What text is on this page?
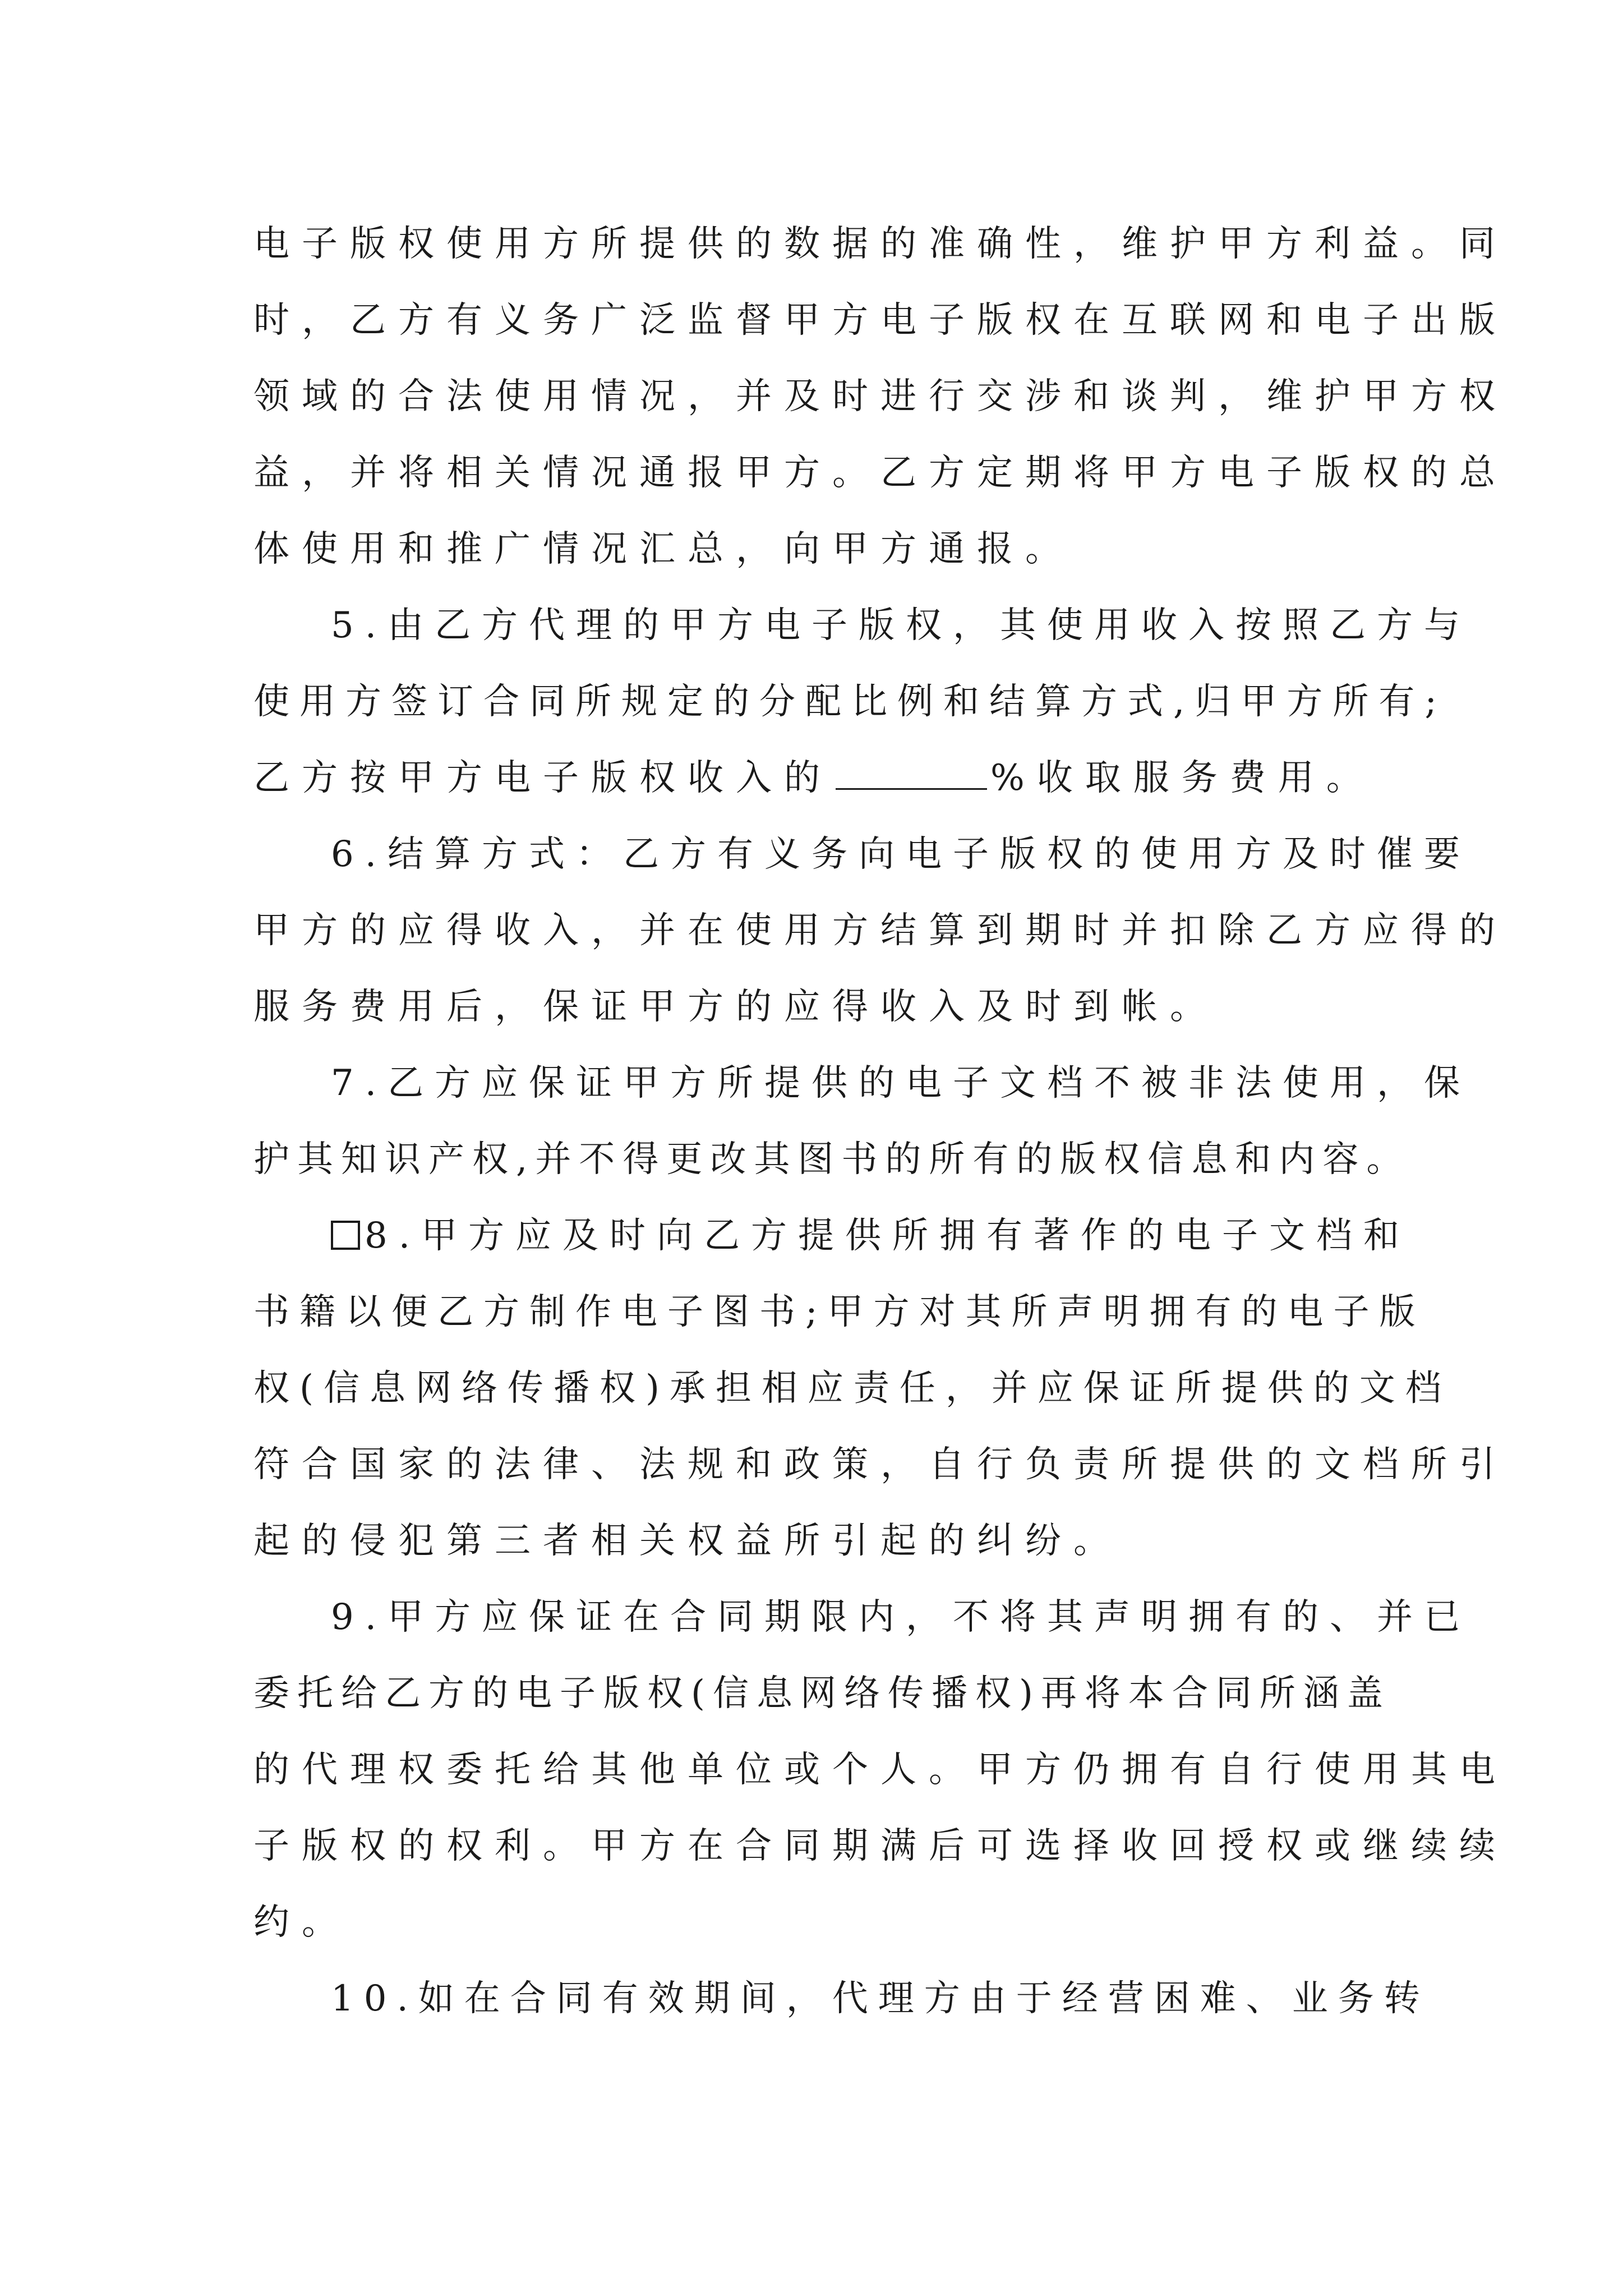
电子版权使用方所提供的数据的准确性，维护甲方利益。同

时，乙方有义务广泛监督甲方电子版权在互联网和电子出版

领域的合法使用情况，并及时进行交涉和谈判，维护甲方权

益，并将相关情况通报甲方。乙方定期将甲方电子版权的总

体使用和推广情况汇总，向甲方通报。

5.由乙方代理的甲方电子版权，其使用收入按照乙方与

使用方签订合同所规定的分配比例和结算方式,归甲方所有;

乙方按甲方电子版权收入的	%收取服务费用。

6.结算方式：乙方有义务向电子版权的使用方及时催要

甲方的应得收入，并在使用方结算到期时并扣除乙方应得的

服务费用后，保证甲方的应得收入及时到帐。

7.乙方应保证甲方所提供的电子文档不被非法使用，保

护其知识产权,并不得更改其图书的所有的版权信息和内容。

8.甲方应及时向乙方提供所拥有著作的电子文档和

书籍以便乙方制作电子图书;甲方对其所声明拥有的电子版

权(信息网络传播权)承担相应责任，并应保证所提供的文档

符合国家的法律、法规和政策，自行负责所提供的文档所引

起的侵犯第三者相关权益所引起的纠纷。

9.甲方应保证在合同期限内，不将其声明拥有的、并已

委托给乙方的电子版权(信息网络传播权)再将本合同所涵盖

的代理权委托给其他单位或个人。甲方仍拥有自行使用其电

子版权的权利。甲方在合同期满后可选择收回授权或继续续

约。

10.如在合同有效期间，代理方由于经营困难、业务转
